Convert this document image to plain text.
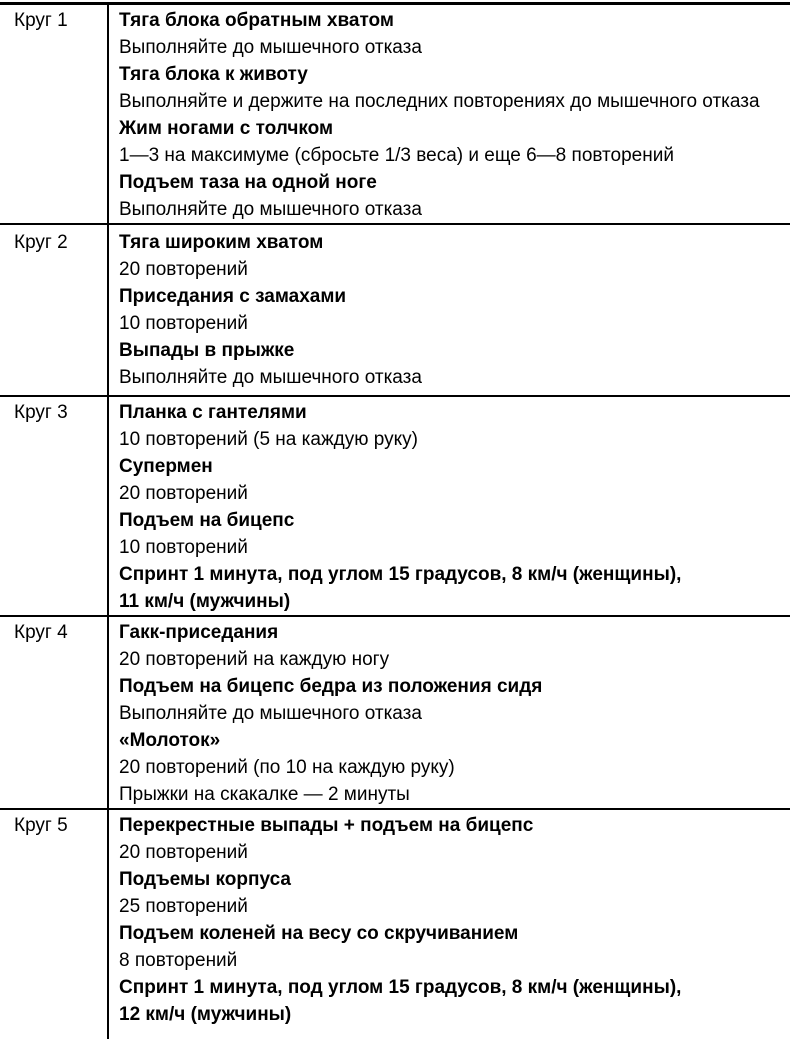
Круг 1	Тяга блока обратным хватом
Выполняйте до мышечного отказа
Тяга блока к животу
Выполняйте и держите на последних повторениях до мышечного отказа
Жим ногами с толчком
1—3 на максимуме (сбросьте 1/3 веса) и еще 6—8 повторений
Подъем таза на одной ноге
Выполняйте до мышечного отказа
Круг 2	Тяга широким хватом
20 повторений
Приседания с замахами
10 повторений
Выпады в прыжке
Выполняйте до мышечного отказа
Круг 3	Планка с гантелями
10 повторений (5 на каждую руку)
Супермен
20 повторений
Подъем на бицепс
10 повторений
Спринт 1 минута, под углом 15 градусов, 8 км/ч (женщины),
11 км/ч (мужчины)
Круг 4	Гакк-приседания
20 повторений на каждую ногу
Подъем на бицепс бедра из положения сидя
Выполняйте до мышечного отказа
«Молоток»
20 повторений (по 10 на каждую руку)
Прыжки на скакалке — 2 минуты
Круг 5	Перекрестные выпады + подъем на бицепс
20 повторений
Подъемы корпуса
25 повторений
Подъем коленей на весу со скручиванием
8 повторений
Спринт 1 минута, под углом 15 градусов, 8 км/ч (женщины),
12 км/ч (мужчины)
